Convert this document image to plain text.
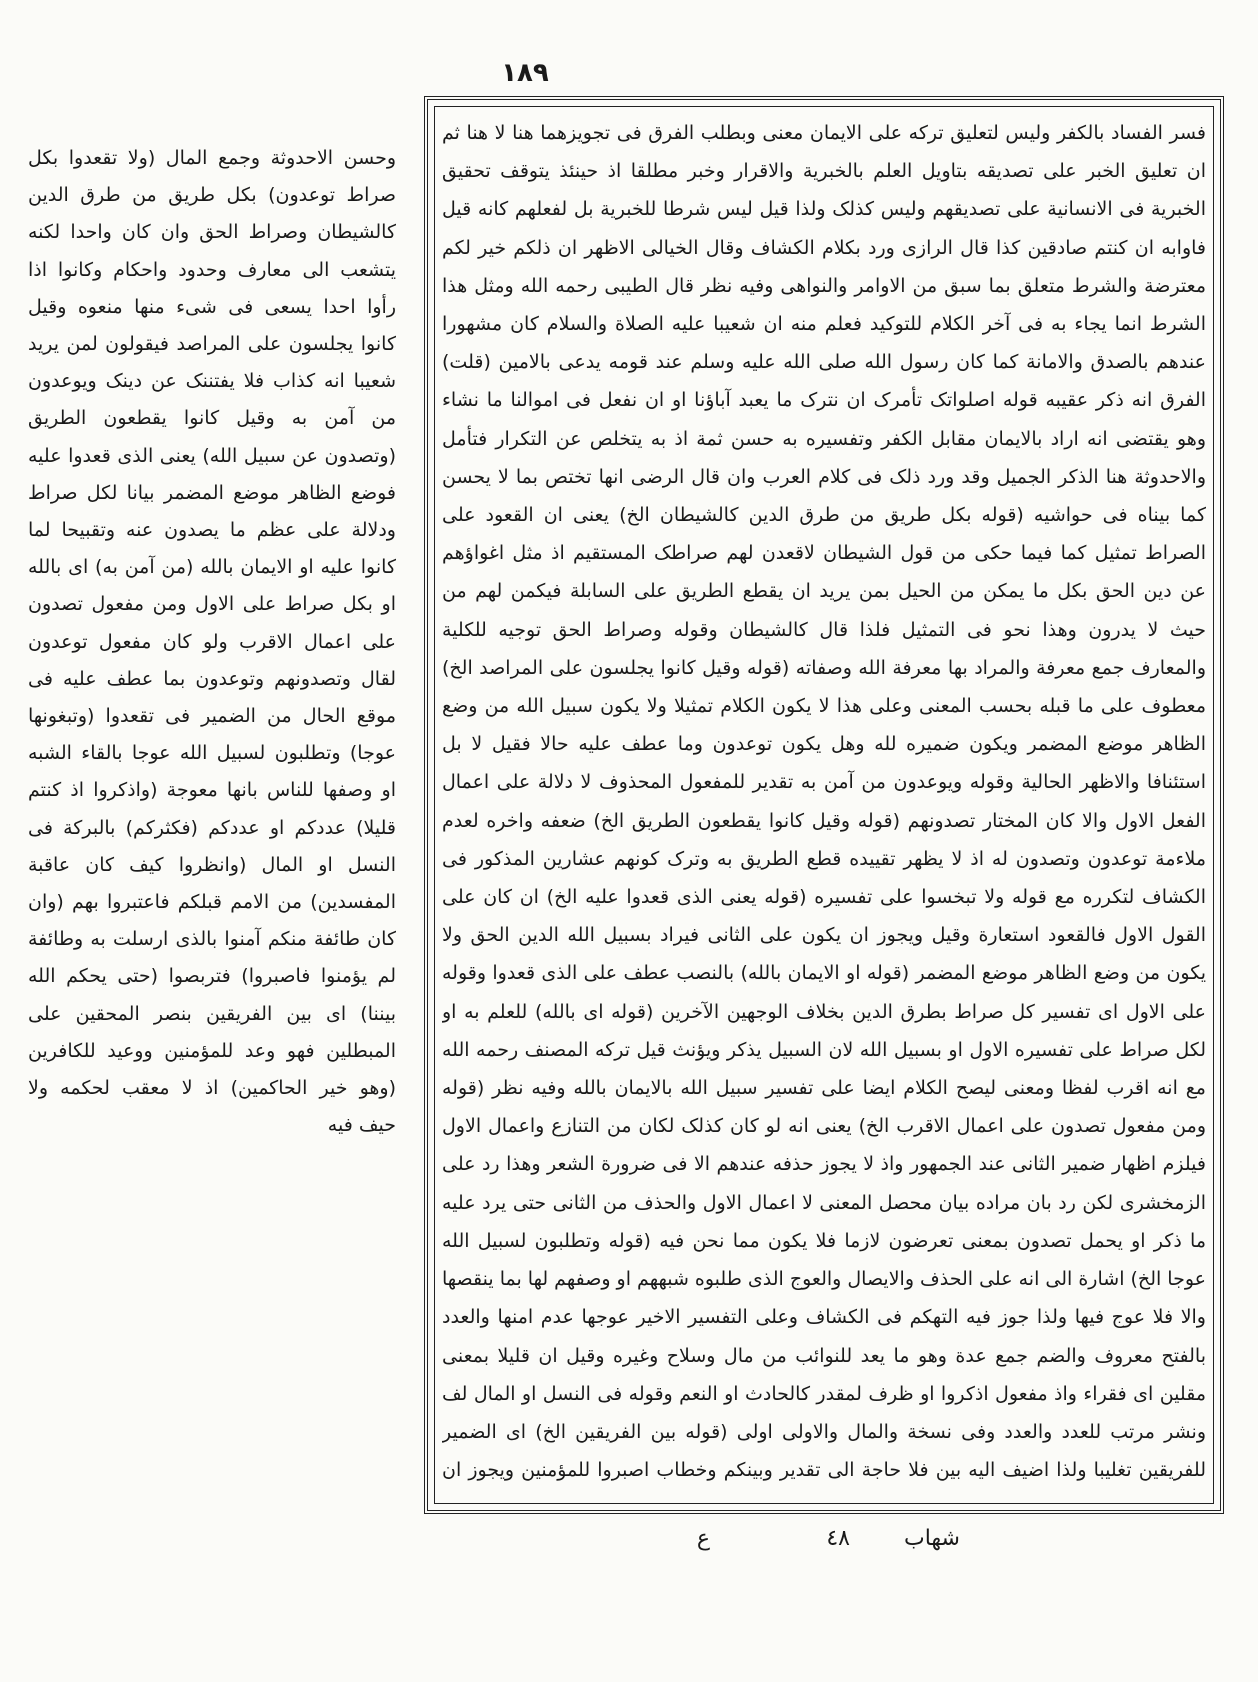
١٨٩

فسر الفساد بالكفر ولیس لتعلیق ترکه علی الایمان معنی وبطلب الفرق فی تجویزهما هنا لا هنا ثم ان تعلیق الخبر علی تصدیقه بتاویل العلم بالخبریة والاقرار وخبر مطلقا اذ حینئذ یتوقف تحقیق الخبریة فی الانسانیة علی تصدیقهم ولیس کذلک ولذا قیل لیس شرطا للخبریة بل لفعلهم کانه قیل فاوابه ان کنتم صادقین کذا قال الرازی ورد بکلام الکشاف وقال الخیالی الاظهر ان ذلکم خیر لکم معترضة والشرط متعلق بما سبق من الاوامر والنواهی وفیه نظر قال الطیبی رحمه الله ومثل هذا الشرط انما یجاء به فی آخر الکلام للتوکید فعلم منه ان شعیبا علیه الصلاة والسلام کان مشهورا عندهم بالصدق والامانة کما کان رسول الله صلی الله علیه وسلم عند قومه یدعی بالامین (قلت) الفرق انه ذکر عقیبه قوله اصلواتک تأمرک ان نترک ما یعبد آباؤنا او ان نفعل فی اموالنا ما نشاء وهو یقتضی انه اراد بالایمان مقابل الکفر وتفسیره به حسن ثمة اذ به یتخلص عن التکرار فتأمل والاحدوثة هنا الذکر الجمیل وقد ورد ذلک فی کلام العرب وان قال الرضی انها تختص بما لا یحسن کما بیناه فی حواشیه (قوله بکل طریق من طرق الدین کالشیطان الخ) یعنی ان القعود علی الصراط تمثیل کما فیما حکی من قول الشیطان لاقعدن لهم صراطک المستقیم اذ مثل اغواؤهم عن دین الحق بکل ما یمکن من الحیل بمن یرید ان یقطع الطریق علی السابلة فیکمن لهم من حیث لا یدرون وهذا نحو فی التمثیل فلذا قال کالشیطان وقوله وصراط الحق توجیه للکلیة والمعارف جمع معرفة والمراد بها معرفة الله وصفاته (قوله وقیل کانوا یجلسون علی المراصد الخ) معطوف علی ما قبله بحسب المعنی وعلی هذا لا یکون الکلام تمثیلا ولا یکون سبیل الله من وضع الظاهر موضع المضمر ویکون ضمیره لله وهل یکون توعدون وما عطف علیه حالا فقیل لا بل استئنافا والاظهر الحالیة وقوله ویوعدون من آمن به تقدیر للمفعول المحذوف لا دلالة علی اعمال الفعل الاول والا کان المختار تصدونهم (قوله وقیل کانوا یقطعون الطریق الخ) ضعفه واخره لعدم ملاءمة توعدون وتصدون له اذ لا یظهر تقییده قطع الطریق به وترک کونهم عشارین المذکور فی الکشاف لتکرره مع قوله ولا تبخسوا علی تفسیره (قوله یعنی الذی قعدوا علیه الخ) ان کان علی القول الاول فالقعود استعارة وقیل ویجوز ان یکون علی الثانی فیراد بسبیل الله الدین الحق ولا یکون من وضع الظاهر موضع المضمر (قوله او الایمان بالله) بالنصب عطف علی الذی قعدوا وقوله علی الاول ای تفسیر کل صراط بطرق الدین بخلاف الوجهین الآخرین (قوله ای بالله) للعلم به او لکل صراط علی تفسیره الاول او بسبیل الله لان السبیل یذکر ویؤنث قیل ترکه المصنف رحمه الله مع انه اقرب لفظا ومعنی لیصح الکلام ایضا علی تفسیر سبیل الله بالایمان بالله وفیه نظر (قوله ومن مفعول تصدون علی اعمال الاقرب الخ) یعنی انه لو کان کذلک لکان من التنازع واعمال الاول فیلزم اظهار ضمیر الثانی عند الجمهور واذ لا یجوز حذفه عندهم الا فی ضرورة الشعر وهذا رد علی الزمخشری لکن رد بان مراده بیان محصل المعنی لا اعمال الاول والحذف من الثانی حتی یرد علیه ما ذکر او یحمل تصدون بمعنی تعرضون لازما فلا یکون مما نحن فیه (قوله وتطلبون لسبیل الله عوجا الخ) اشارة الی انه علی الحذف والایصال والعوج الذی طلبوه شبههم او وصفهم لها بما ینقصها والا فلا عوج فیها ولذا جوز فیه التهکم فی الکشاف وعلی التفسیر الاخیر عوجها عدم امنها والعدد بالفتح معروف والضم جمع عدة وهو ما یعد للنوائب من مال وسلاح وغیره وقیل ان قلیلا بمعنی مقلین ای فقراء واذ مفعول اذکروا او ظرف لمقدر کالحادث او النعم وقوله فی النسل او المال لف ونشر مرتب للعدد والعدد وفی نسخة والمال والاولی اولی (قوله بین الفریقین الخ) ای الضمیر للفریقین تغلیبا ولذا اضیف الیه بین فلا حاجة الی تقدیر وبینکم وخطاب اصبروا للمؤمنین ویجوز ان

وحسن الاحدوثة وجمع المال (ولا تقعدوا بکل صراط توعدون) بکل طریق من طرق الدین کالشیطان وصراط الحق وان کان واحدا لکنه یتشعب الی معارف وحدود واحکام وکانوا اذا رأوا احدا یسعی فی شیء منها منعوه وقیل کانوا یجلسون علی المراصد فیقولون لمن یرید شعیبا انه کذاب فلا یفتننک عن دینک ویوعدون من آمن به وقیل کانوا یقطعون الطریق (وتصدون عن سبیل الله) یعنی الذی قعدوا علیه فوضع الظاهر موضع المضمر بیانا لکل صراط ودلالة علی عظم ما یصدون عنه وتقبیحا لما کانوا علیه او الایمان بالله (من آمن به) ای بالله او بکل صراط علی الاول ومن مفعول تصدون علی اعمال الاقرب ولو کان مفعول توعدون لقال وتصدونهم وتوعدون بما عطف علیه فی موقع الحال من الضمیر فی تقعدوا (وتبغونها عوجا) وتطلبون لسبیل الله عوجا بالقاء الشبه او وصفها للناس بانها معوجة (واذکروا اذ کنتم قلیلا) عددکم او عددکم (فکثرکم) بالبرکة فی النسل او المال (وانظروا کیف کان عاقبة المفسدین) من الامم قبلکم فاعتبروا بهم (وان کان طائفة منکم آمنوا بالذی ارسلت به وطائفة لم یؤمنوا فاصبروا) فتربصوا (حتی یحکم الله بیننا) ای بین الفریقین بنصر المحقین علی المبطلین فهو وعد للمؤمنین ووعید للکافرین (وهو خیر الحاکمین) اذ لا معقب لحکمه ولا حیف فیه

شهاب
٤٨
ع
